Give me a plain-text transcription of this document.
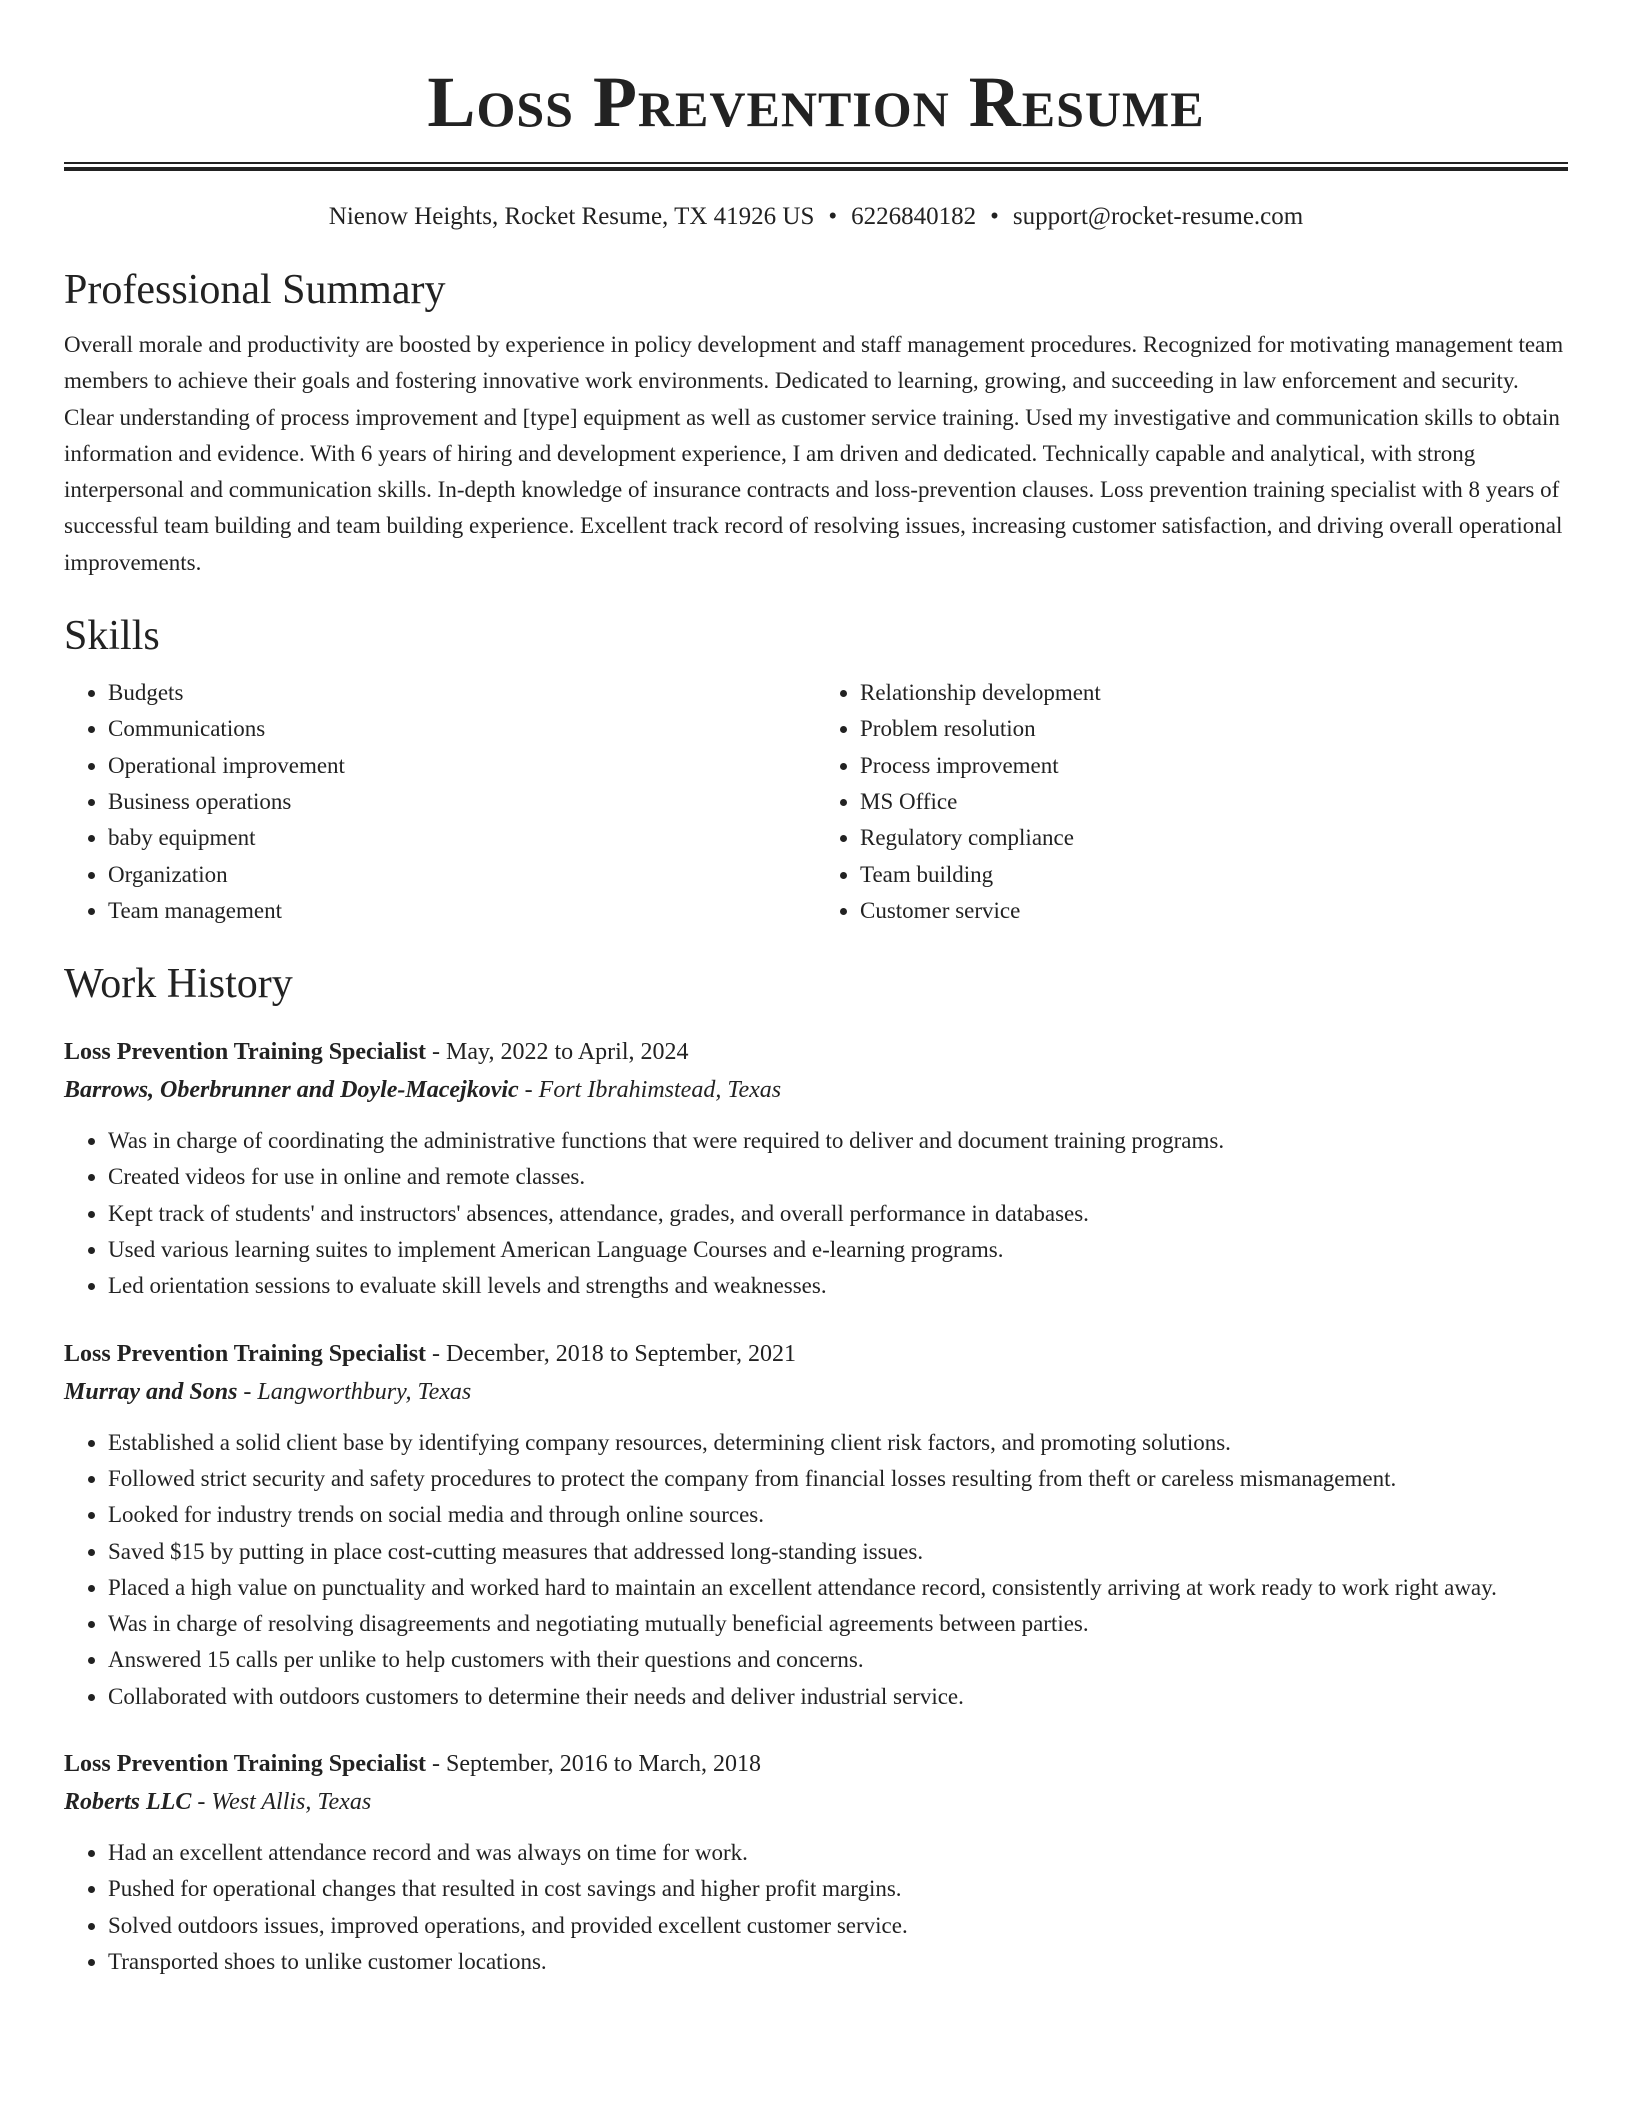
Loss Prevention Resume
Nienow Heights, Rocket Resume, TX 41926 US • 6226840182 • support@rocket-resume.com
Professional Summary

Overall morale and productivity are boosted by experience in policy development and staff management procedures. Recognized for motivating management team members to achieve their goals and fostering innovative work environments. Dedicated to learning, growing, and succeeding in law enforcement and security. Clear understanding of process improvement and [type] equipment as well as customer service training. Used my investigative and communication skills to obtain information and evidence. With 6 years of hiring and development experience, I am driven and dedicated. Technically capable and analytical, with strong interpersonal and communication skills. In-depth knowledge of insurance contracts and loss-prevention clauses. Loss prevention training specialist with 8 years of successful team building and team building experience. Excellent track record of resolving issues, increasing customer satisfaction, and driving overall operational improvements.

Skills
• Budgets
• Communications
• Operational improvement
• Business operations
• baby equipment
• Organization
• Team management
• Relationship development
• Problem resolution
• Process improvement
• MS Office
• Regulatory compliance
• Team building
• Customer service
Work History
Loss Prevention Training Specialist - May, 2022 to April, 2024
Barrows, Oberbrunner and Doyle-Macejkovic - Fort Ibrahimstead, Texas
• Was in charge of coordinating the administrative functions that were required to deliver and document training programs.
• Created videos for use in online and remote classes.
• Kept track of students' and instructors' absences, attendance, grades, and overall performance in databases.
• Used various learning suites to implement American Language Courses and e-learning programs.
• Led orientation sessions to evaluate skill levels and strengths and weaknesses.
Loss Prevention Training Specialist - December, 2018 to September, 2021
Murray and Sons - Langworthbury, Texas
• Established a solid client base by identifying company resources, determining client risk factors, and promoting solutions.
• Followed strict security and safety procedures to protect the company from financial losses resulting from theft or careless mismanagement.
• Looked for industry trends on social media and through online sources.
• Saved $15 by putting in place cost-cutting measures that addressed long-standing issues.
• Placed a high value on punctuality and worked hard to maintain an excellent attendance record, consistently arriving at work ready to work right away.
• Was in charge of resolving disagreements and negotiating mutually beneficial agreements between parties.
• Answered 15 calls per unlike to help customers with their questions and concerns.
• Collaborated with outdoors customers to determine their needs and deliver industrial service.
Loss Prevention Training Specialist - September, 2016 to March, 2018
Roberts LLC - West Allis, Texas
• Had an excellent attendance record and was always on time for work.
• Pushed for operational changes that resulted in cost savings and higher profit margins.
• Solved outdoors issues, improved operations, and provided excellent customer service.
• Transported shoes to unlike customer locations.
